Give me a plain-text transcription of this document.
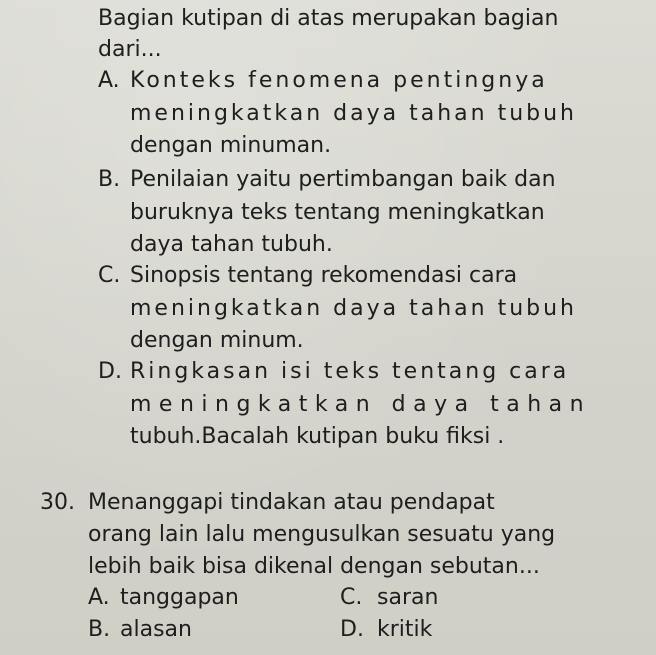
Bagian kutipan di atas merupakan bagian
dari...
A. Konteks fenomena pentingnya
meningkatkan daya tahan tubuh
dengan minuman.
B. Penilaian yaitu pertimbangan baik dan
buruknya teks tentang meningkatkan
daya tahan tubuh.
C. Sinopsis tentang rekomendasi cara
meningkatkan daya tahan tubuh
dengan minum.
D. Ringkasan isi teks tentang cara
meningkatkan daya tahan
tubuh.Bacalah kutipan buku fiksi .
30. Menanggapi tindakan atau pendapat
orang lain lalu mengusulkan sesuatu yang
lebih baik bisa dikenal dengan sebutan...
A. tanggapan
B. alasan
C. saran
D. kritik
